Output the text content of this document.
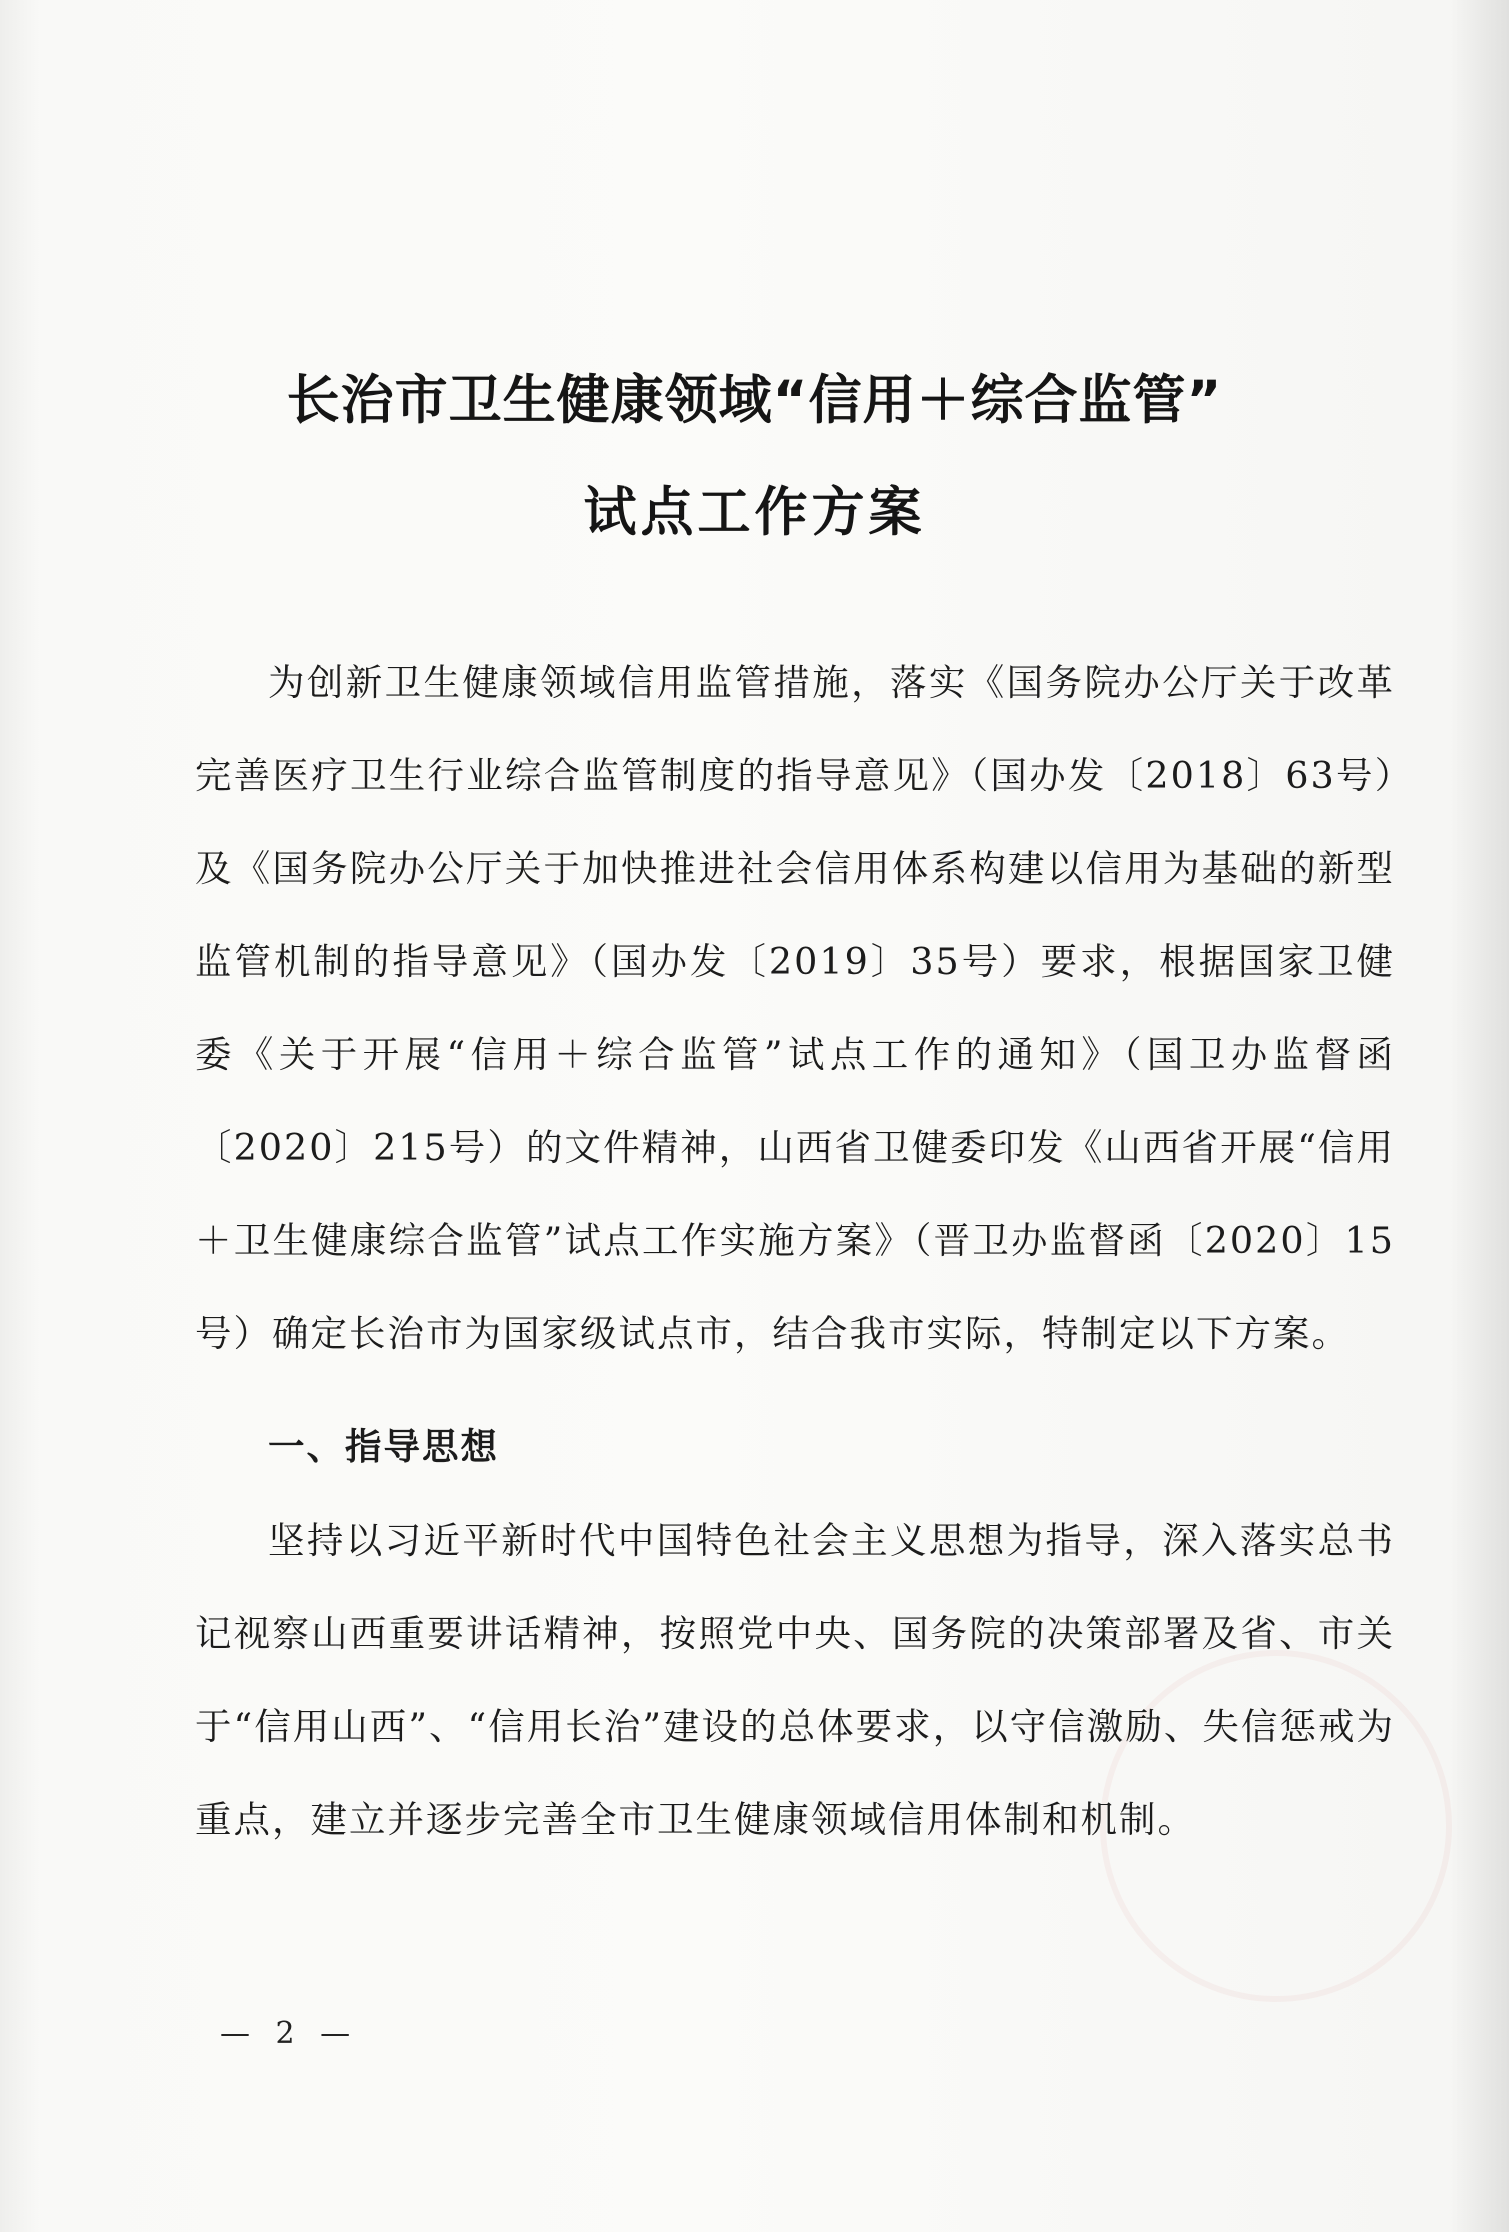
长治市卫生健康领域“信用＋综合监管”
试点工作方案

为创新卫生健康领域信用监管措施，落实《国务院办公厅关于改革完善医疗卫生行业综合监管制度的指导意见》（国办发〔2018〕63号）及《国务院办公厅关于加快推进社会信用体系构建以信用为基础的新型监管机制的指导意见》（国办发〔2019〕35号）要求，根据国家卫健委《关于开展“信用＋综合监管”试点工作的通知》（国卫办监督函〔2020〕215号）的文件精神，山西省卫健委印发《山西省开展“信用＋卫生健康综合监管”试点工作实施方案》（晋卫办监督函〔2020〕15号）确定长治市为国家级试点市，结合我市实际，特制定以下方案。

一、指导思想

坚持以习近平新时代中国特色社会主义思想为指导，深入落实总书记视察山西重要讲话精神，按照党中央、国务院的决策部署及省、市关于“信用山西”、“信用长治”建设的总体要求，以守信激励、失信惩戒为重点，建立并逐步完善全市卫生健康领域信用体制和机制。

— 2 —
